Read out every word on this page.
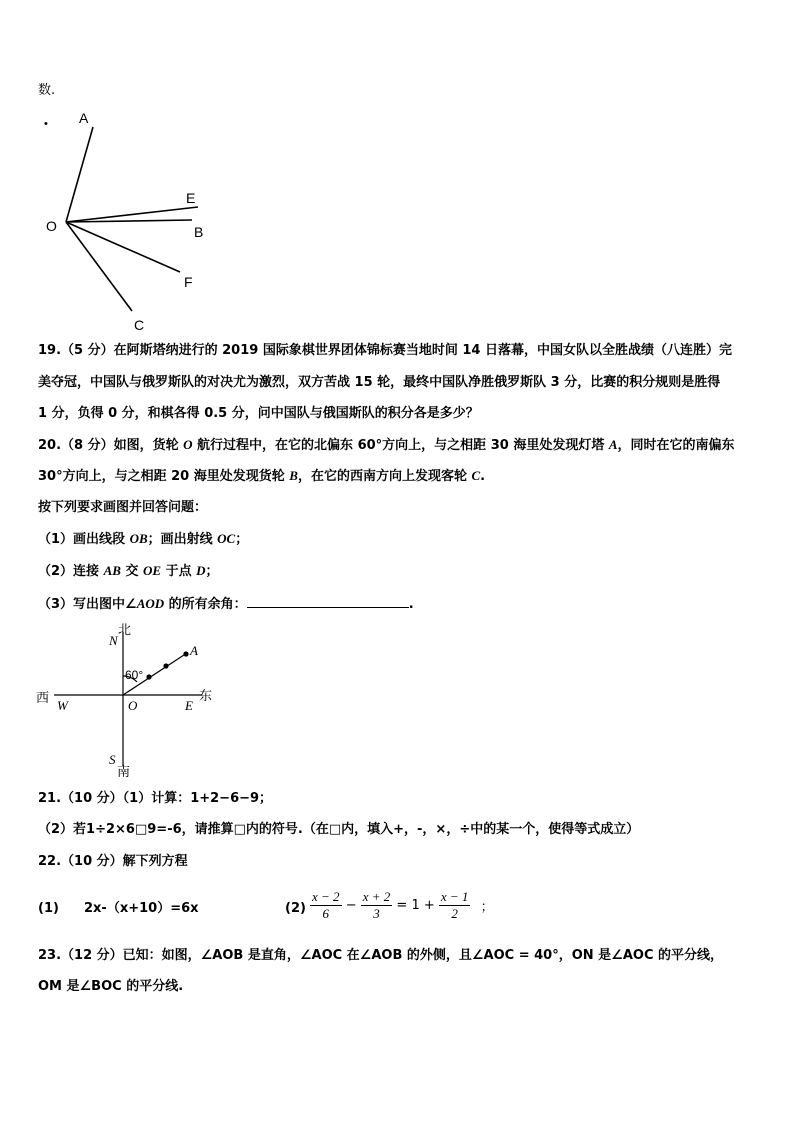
数.
• A
O
E
B
F
C
19.（5 分）在阿斯塔纳进行的 2019 国际象棋世界团体锦标赛当地时间 14 日落幕，中国女队以全胜战绩（八连胜）完
美夺冠，中国队与俄罗斯队的对决尤为激烈，双方苦战 15 轮，最终中国队净胜俄罗斯队 3 分，比赛的积分规则是胜得
1 分，负得 0 分，和棋各得 0.5 分，问中国队与俄国斯队的积分各是多少？
20.（8 分）如图，货轮 O 航行过程中，在它的北偏东 60°方向上，与之相距 30 海里处发现灯塔 A，同时在它的南偏东
30°方向上，与之相距 20 海里处发现货轮 B，在它的西南方向上发现客轮 C.
按下列要求画图并回答问题：
（1）画出线段 OB；画出射线 OC；
（2）连接 AB 交 OE 于点 D；
（3）写出图中∠AOD 的所有余角：	.
北
N
60°
A
西
W	O	E
东
S
南
21.（10 分）（1）计算：1+2−6−9；
（2）若1÷2×6□9=-6，请推算□内的符号.（在□内，填入+，-，×，÷中的某一个，使得等式成立）
22.（10 分）解下列方程
(1) 2x-（x+10）=6x	$(2) \frac{x - 2}{6} - \frac{x + 2}{3} = 1 + \frac{x - 1}{2}$ ；
23.（12 分）已知：如图，∠AOB 是直角，∠AOC 在∠AOB 的外侧，且∠AOC = 40°，ON 是∠AOC 的平分线，
OM 是∠BOC 的平分线.
